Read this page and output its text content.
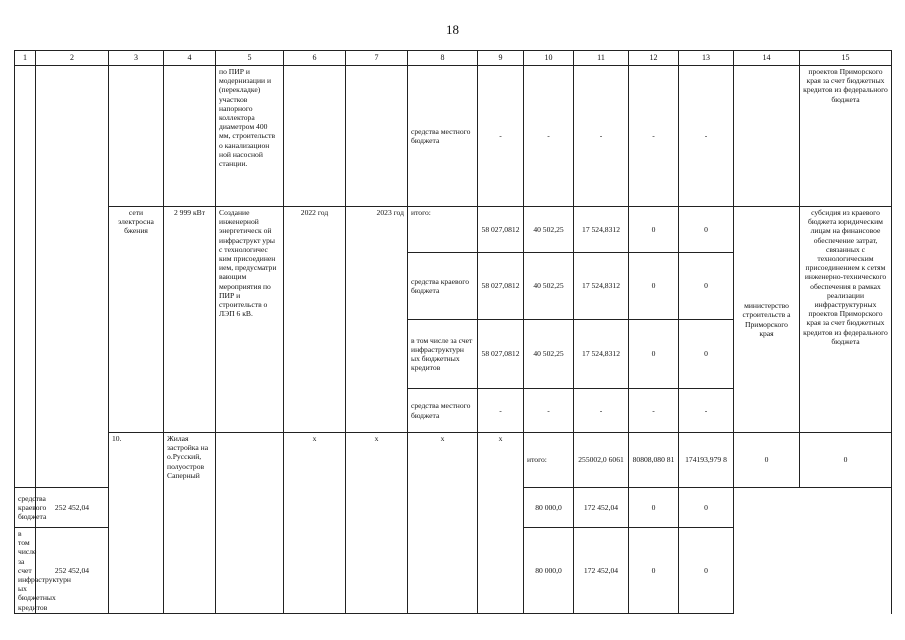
18
1	2	3	4	5	6	7	8	9	10	11	12	13	14	15	
				по ПИР и модернизации и (перекладке) участков напорного коллектора диаметром 400 мм, строительств о канализацион ной насосной станции.			средства местного бюджета	-	-	-	-	-		проектов Приморского края за счет бюджетных кредитов из федерального бюджета	
		сети электросна бжения	2 999 кВт	Создание инженерной энергетическ ой инфраструкт уры с технологичес ким присоединен ием, предусматри вающим мероприятия по ПИР и строительств о ЛЭП 6 кВ.	2022 год	2023 год	итого:	58 027,0812	40 502,25	17 524,8312	0	0	министерство строительств а Приморского края	субсидия из краевого бюджета юридическим лицам на финансовое обеспечение затрат, связанных с технологическим присоединением к сетям инженерно-технического обеспечения в рамках реализации инфраструктурных проектов Приморского края за счет бюджетных кредитов из федерального бюджета	
							средства краевого бюджета	58 027,0812	40 502,25	17 524,8312	0	0			
							в том числе за счет инфраструктурн ых бюджетных кредитов	58 027,0812	40 502,25	17 524,8312	0	0			
							средства местного бюджета	-	-	-	-	-			
		10.	Жилая застройка на о.Русский, полуостров Саперный		х	х	х	х	итого:	255002,0 6061	80808,080 81	174193,979 8	0	0		
средства краевого бюджета	252 452,04								80 000,0	172 452,04	0	0			
в том числе за счет инфраструктурн ых бюджетных кредитов	252 452,04								80 000,0	172 452,04	0	0			
